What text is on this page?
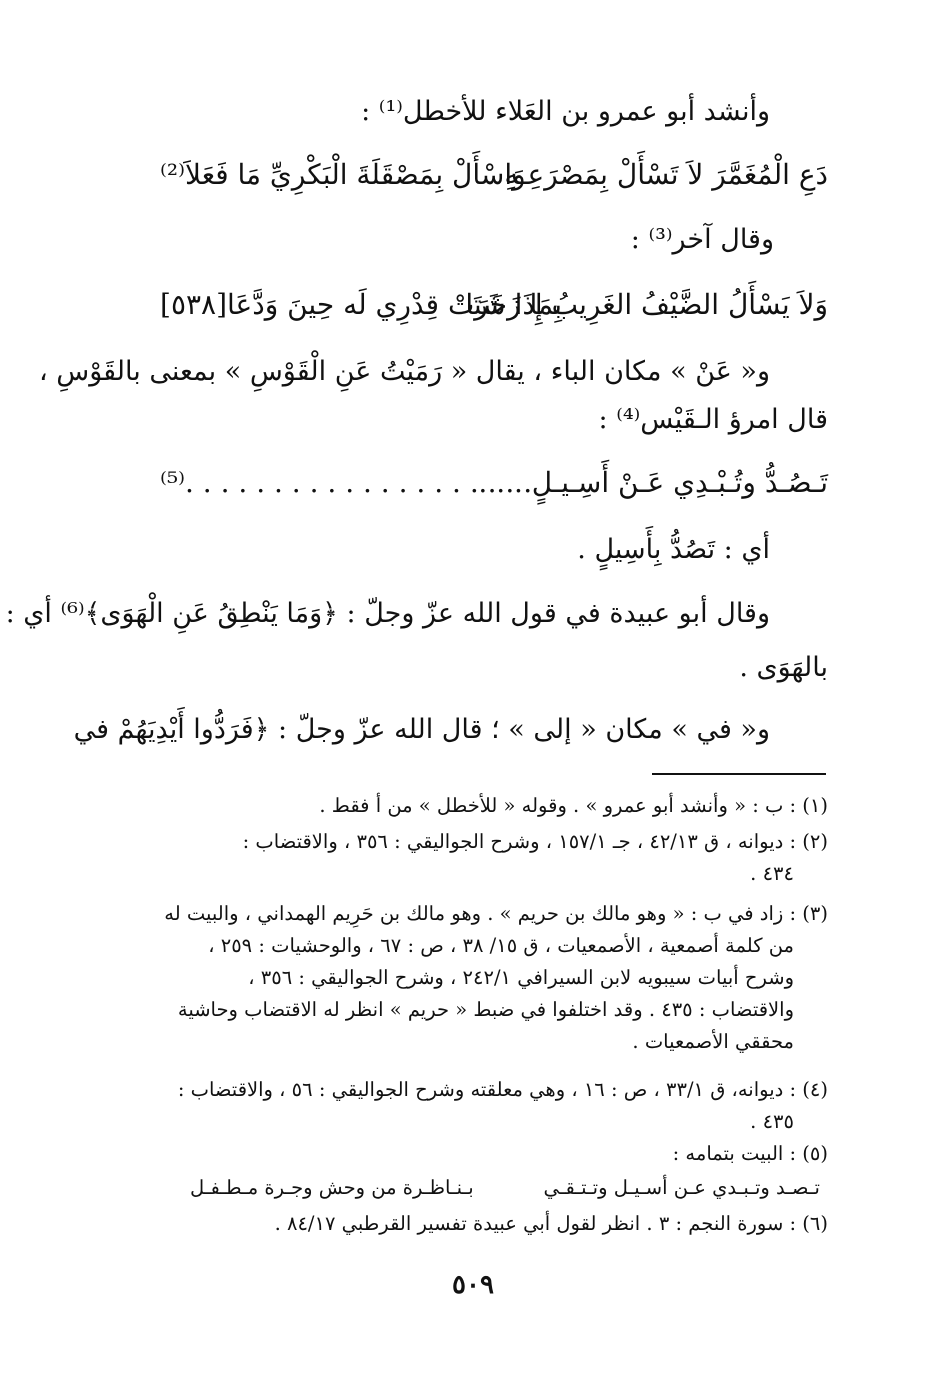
وأنشد أبو عمرو بن العَلاء للأخطل⁽¹⁾ :
دَعِ الْمُغَمَّرَ لاَ تَسْأَلْ بِمَصْرَعِـهِ
وَاسْأَلْ بِمَصْقَلَةَ الْبَكْرِيِّ مَا فَعَلاَ⁽²⁾
وقال آخر⁽³⁾ :
وَلاَ يَسْأَلُ الضَّيْفُ الغَرِيبُ إِذَا شَتَا
بِمَا زَخَرَتْ قِدْرِي لَه حِينَ وَدَّعَا[٥٣٨]
و« عَنْ » مكان الباء ، يقال « رَمَيْتُ عَنِ الْقَوْسِ » بمعنى بالقَوْسِ ،
قال امرؤ الـقَيْس⁽⁴⁾ :
تَـصُـدُّ وتُـبْـدِي عَـنْ أَسِـيـلٍ . . .
. . . . . . . . . . . . . . . . . . . .⁽⁵⁾
أي : تَصُدُّ بِأَسِيلٍ .
وقال أبو عبيدة في قول الله عزّ وجلّ : ﴿وَمَا يَنْطِقُ عَنِ الْهَوَى﴾⁽⁶⁾ أي :
بالهَوَى .
و« في » مكان « إلى » ؛ قال الله عزّ وجلّ : ﴿فَرَدُّوا أَيْدِيَهُمْ في
(١) : ب : « وأنشد أبو عمرو » . وقوله « للأخطل » من أ فقط .
(٢) : ديوانه ، ق ٤٢/١٣ ، جـ ١٥٧/١ ، وشرح الجواليقي : ٣٥٦ ، والاقتضاب :
٤٣٤ .
(٣) : زاد في ب : « وهو مالك بن حريم » . وهو مالك بن حَرِيم الهمداني ، والبيت له
من كلمة أصمعية ، الأصمعيات ، ق ١٥/ ٣٨ ، ص : ٦٧ ، والوحشيات : ٢٥٩ ،
وشرح أبيات سيبويه لابن السيرافي ٢٤٢/١ ، وشرح الجواليقي : ٣٥٦ ،
والاقتضاب : ٤٣٥ . وقد اختلفوا في ضبط « حريم » انظر له الاقتضاب وحاشية
محققي الأصمعيات .
(٤) : ديوانه، ق ٣٣/١ ، ص : ١٦ ، وهي معلقته وشرح الجواليقي : ٥٦ ، والاقتضاب :
٤٣٥ .
(٥) : البيت بتمامه :
تـصـد وتـبـدي عـن أسـيـل وتـتـقـي
بـنـاظـرة من وحش وجـرة مـطـفـل
(٦) : سورة النجم : ٣ . انظر لقول أبي عبيدة تفسير القرطبي ٨٤/١٧ .
٥٠٩
